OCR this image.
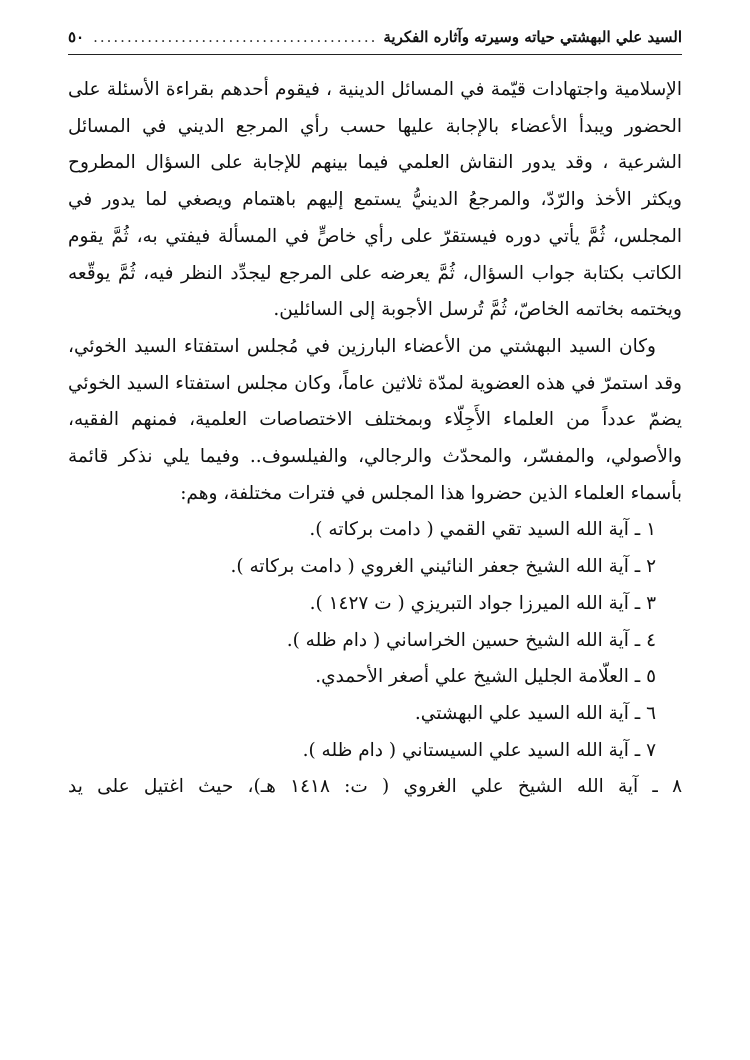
السيد علي البهشتي حياته وسيرته وآثاره الفكرية
.....
٥٠

الإسلامية واجتهادات قيّمة في المسائل الدينية ، فيقوم أحدهم بقراءة الأسئلة على الحضور ويبدأ الأعضاء بالإجابة عليها حسب رأي المرجع الديني في المسائل الشرعية ، وقد يدور النقاش العلمي فيما بينهم للإجابة على السؤال المطروح ويكثر الأخذ والرّدّ، والمرجعُ الدينيُّ يستمع إليهم باهتمام ويصغي لما يدور في المجلس، ثُمَّ يأتي دوره فيستقرّ على رأي خاصٍّ في المسألة فيفتي به، ثُمَّ يقوم الكاتب بكتابة جواب السؤال، ثُمَّ يعرضه على المرجع ليجدِّد النظر فيه، ثُمَّ يوقّعه ويختمه بخاتمه الخاصّ، ثُمَّ تُرسل الأجوبة إلى السائلين.

وكان السيد البهشتي من الأعضاء البارزين في مُجلس استفتاء السيد الخوئي، وقد استمرّ في هذه العضوية لمدّة ثلاثين عاماً، وكان مجلس استفتاء السيد الخوئي يضمّ عدداً من العلماء الأَجِلّاء وبمختلف الاختصاصات العلمية، فمنهم الفقيه، والأصولي، والمفسّر، والمحدّث والرجالي، والفيلسوف.. وفيما يلي نذكر قائمة بأسماء العلماء الذين حضروا هذا المجلس في فترات مختلفة، وهم:

١ ـ آية الله السيد تقي القمي ( دامت بركاته ).
٢ ـ آية الله الشيخ جعفر النائيني الغروي ( دامت بركاته ).
٣ ـ آية الله الميرزا جواد التبريزي ( ت ١٤٢٧ ).
٤ ـ آية الله الشيخ حسين الخراساني ( دام ظله ).
٥ ـ العلّامة الجليل الشيخ علي أصغر الأحمدي.
٦ ـ آية الله السيد علي البهشتي.
٧ ـ آية الله السيد علي السيستاني ( دام ظله ).
٨ ـ آية الله الشيخ علي الغروي ( ت: ١٤١٨ هـ)، حيث اغتيل على يد
